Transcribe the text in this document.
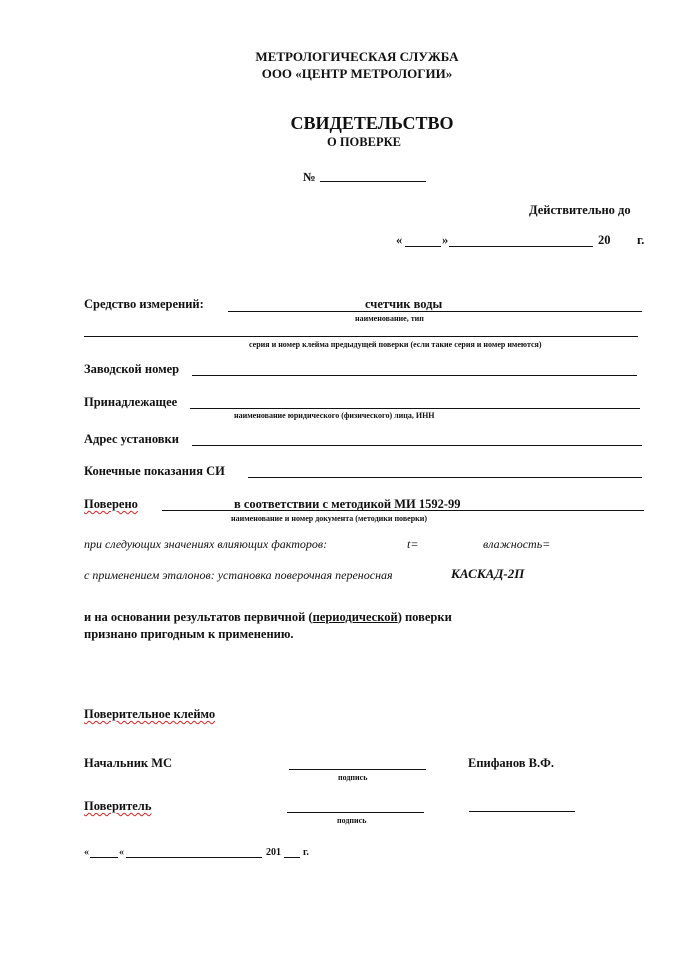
МЕТРОЛОГИЧЕСКАЯ СЛУЖБА
ООО «ЦЕНТР МЕТРОЛОГИИ»
СВИДЕТЕЛЬСТВО
О ПОВЕРКЕ
№
Действительно до
«	»	20 г.
Средство измерений:	счетчик воды
наименование, тип
серия и номер клейма предыдущей поверки (если такие серия и номер имеются)
Заводской номер
Принадлежащее
наименование юридического (физического) лица, ИНН
Адрес установки
Конечные показания СИ
Поверено	в соответствии с методикой МИ 1592-99
наименование и номер документа (методики поверки)
при следующих значениях влияющих факторов:	t=	влажность=
с применением эталонов: установка поверочная переносная	КАСКАД-2П
и на основании результатов первичной (периодической) поверки
признано пригодным к применению.
Поверительное клеймо
Начальник МС
подпись
Епифанов В.Ф.
Поверитель
подпись
«	«	201 г.
